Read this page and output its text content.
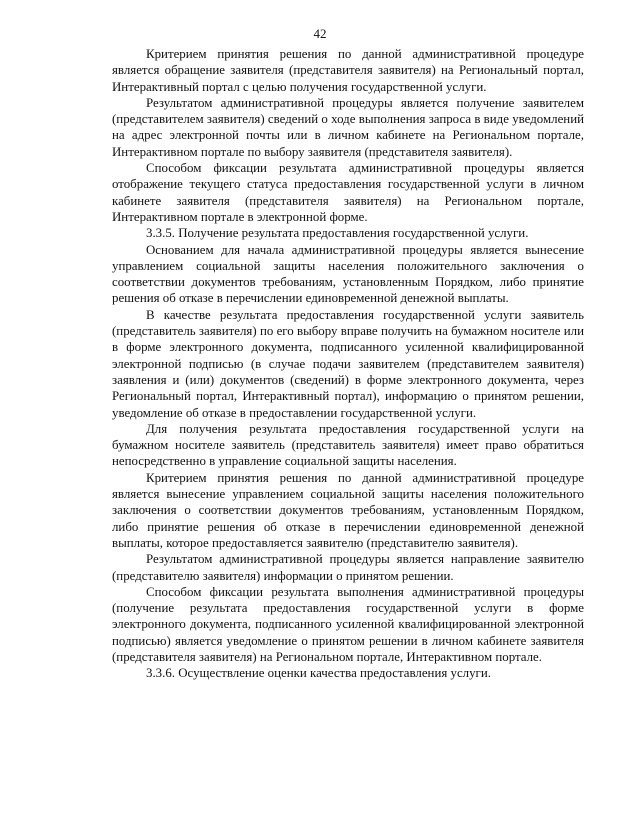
42

Критерием принятия решения по данной административной процедуре является обращение заявителя (представителя заявителя) на Региональный портал, Интерактивный портал с целью получения государственной услуги.

Результатом административной процедуры является получение заявителем (представителем заявителя) сведений о ходе выполнения запроса в виде уведомлений на адрес электронной почты или в личном кабинете на Региональном портале, Интерактивном портале по выбору заявителя (представителя заявителя).

Способом фиксации результата административной процедуры является отображение текущего статуса предоставления государственной услуги в личном кабинете заявителя (представителя заявителя) на Региональном портале, Интерактивном портале в электронной форме.

3.3.5. Получение результата предоставления государственной услуги.

Основанием для начала административной процедуры является вынесение управлением социальной защиты населения положительного заключения о соответствии документов требованиям, установленным Порядком, либо принятие решения об отказе в перечислении единовременной денежной выплаты.

В качестве результата предоставления государственной услуги заявитель (представитель заявителя) по его выбору вправе получить на бумажном носителе или в форме электронного документа, подписанного усиленной квалифицированной электронной подписью (в случае подачи заявителем (представителем заявителя) заявления и (или) документов (сведений) в форме электронного документа, через Региональный портал, Интерактивный портал), информацию о принятом решении, уведомление об отказе в предоставлении государственной услуги.

Для получения результата предоставления государственной услуги на бумажном носителе заявитель (представитель заявителя) имеет право обратиться непосредственно в управление социальной защиты населения.

Критерием принятия решения по данной административной процедуре является вынесение управлением социальной защиты населения положительного заключения о соответствии документов требованиям, установленным Порядком, либо принятие решения об отказе в перечислении единовременной денежной выплаты, которое предоставляется заявителю (представителю заявителя).

Результатом административной процедуры является направление заявителю (представителю заявителя) информации о принятом решении.

Способом фиксации результата выполнения административной процедуры (получение результата предоставления государственной услуги в форме электронного документа, подписанного усиленной квалифицированной электронной подписью) является уведомление о принятом решении в личном кабинете заявителя (представителя заявителя) на Региональном портале, Интерактивном портале.

3.3.6. Осуществление оценки качества предоставления услуги.
